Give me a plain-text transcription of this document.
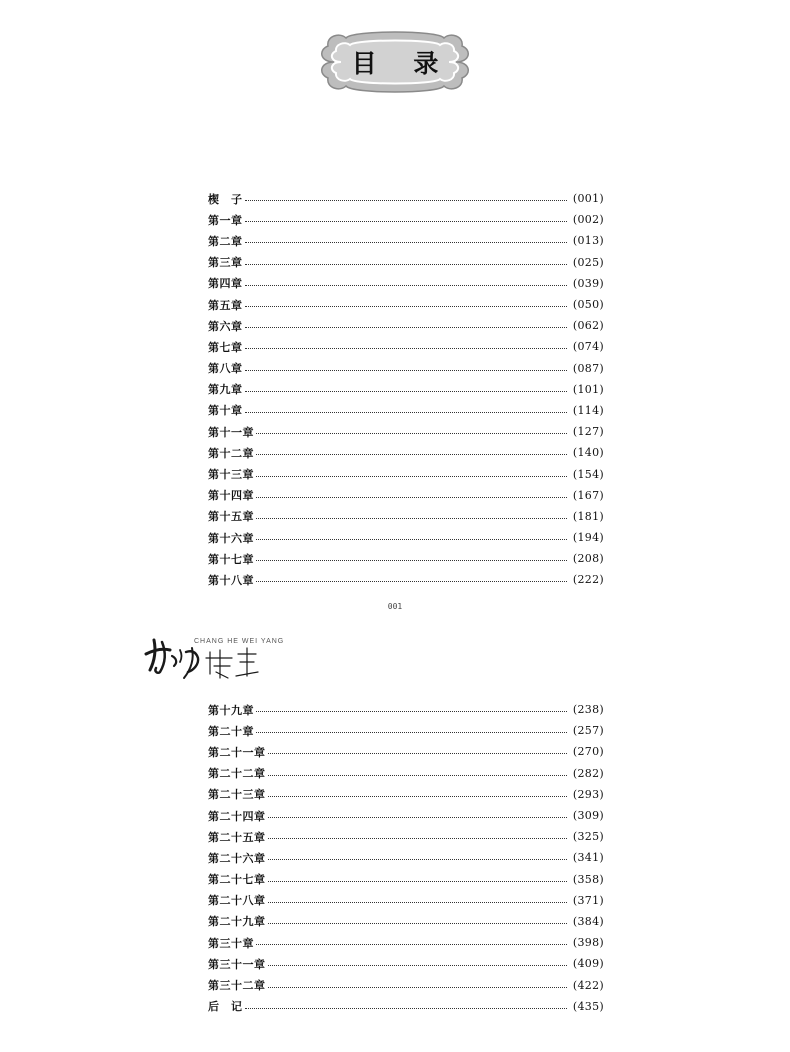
目 录
楔　子	(001)
第一章	(002)
第二章	(013)
第三章	(025)
第四章	(039)
第五章	(050)
第六章	(062)
第七章	(074)
第八章	(087)
第九章	(101)
第十章	(114)
第十一章	(127)
第十二章	(140)
第十三章	(154)
第十四章	(167)
第十五章	(181)
第十六章	(194)
第十七章	(208)
第十八章	(222)
001
CHANG HE WEI YANG
第十九章	(238)
第二十章	(257)
第二十一章	(270)
第二十二章	(282)
第二十三章	(293)
第二十四章	(309)
第二十五章	(325)
第二十六章	(341)
第二十七章	(358)
第二十八章	(371)
第二十九章	(384)
第三十章	(398)
第三十一章	(409)
第三十二章	(422)
后　记	(435)
